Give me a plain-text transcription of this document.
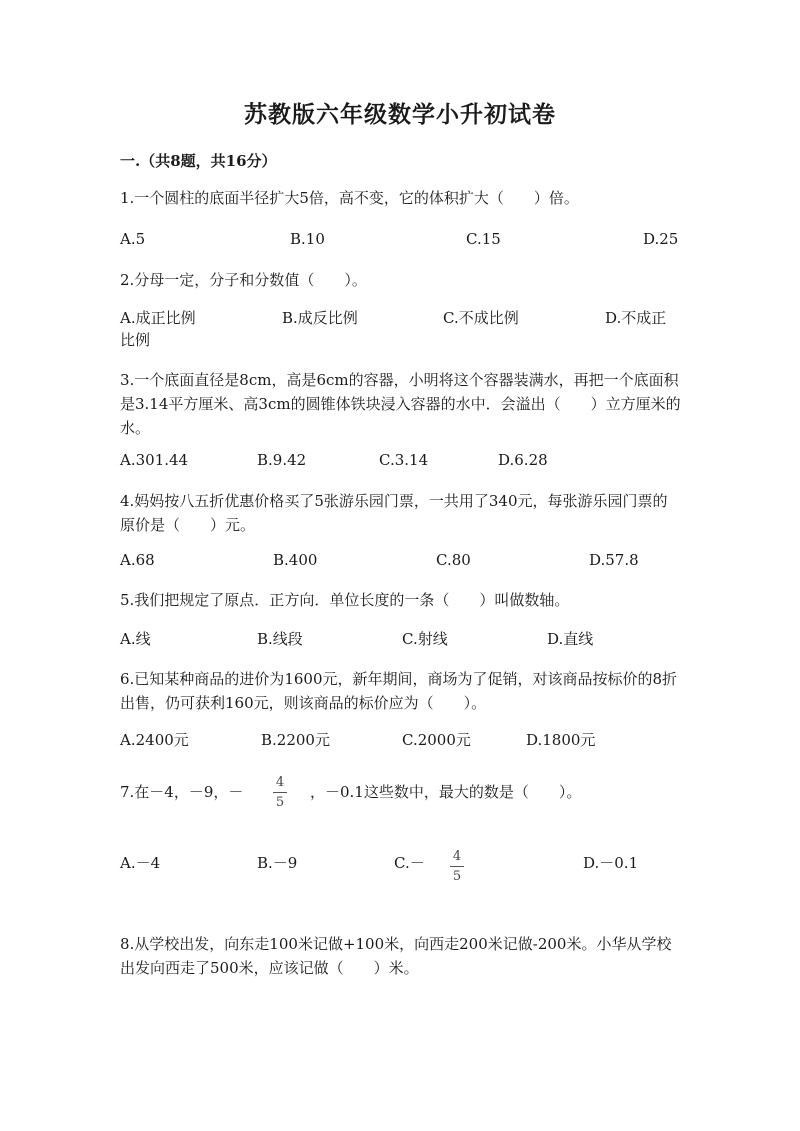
苏教版六年级数学小升初试卷
一.（共8题，共16分）
1.一个圆柱的底面半径扩大5倍，高不变，它的体积扩大（　　）倍。
A.5	B.10	C.15	D.25
2.分母一定，分子和分数值（　　）。
A.成正比例	B.成反比例	C.不成比例	D.不成正
比例
3.一个底面直径是8cm，高是6cm的容器，小明将这个容器装满水，再把一个底面积是3.14平方厘米、高3cm的圆锥体铁块浸入容器的水中．会溢出（　　）立方厘米的水。
A.301.44	B.9.42	C.3.14	D.6.28
4.妈妈按八五折优惠价格买了5张游乐园门票，一共用了340元，每张游乐园门票的原价是（　　）元。
A.68	B.400	C.80	D.57.8
5.我们把规定了原点．正方向．单位长度的一条（　　）叫做数轴。
A.线	B.线段	C.射线	D.直线
6.已知某种商品的进价为1600元，新年期间，商场为了促销，对该商品按标价的8折出售，仍可获利160元，则该商品的标价应为（　　）。
A.2400元	B.2200元	C.2000元	D.1800元
7.在－4，－9，－
4
5
，－0.1这些数中，最大的数是（　　）。
A.－4	B.－9	C.－	4
5
D.－0.1
8.从学校出发，向东走100米记做+100米，向西走200米记做-200米。小华从学校出发向西走了500米，应该记做（　　）米。
